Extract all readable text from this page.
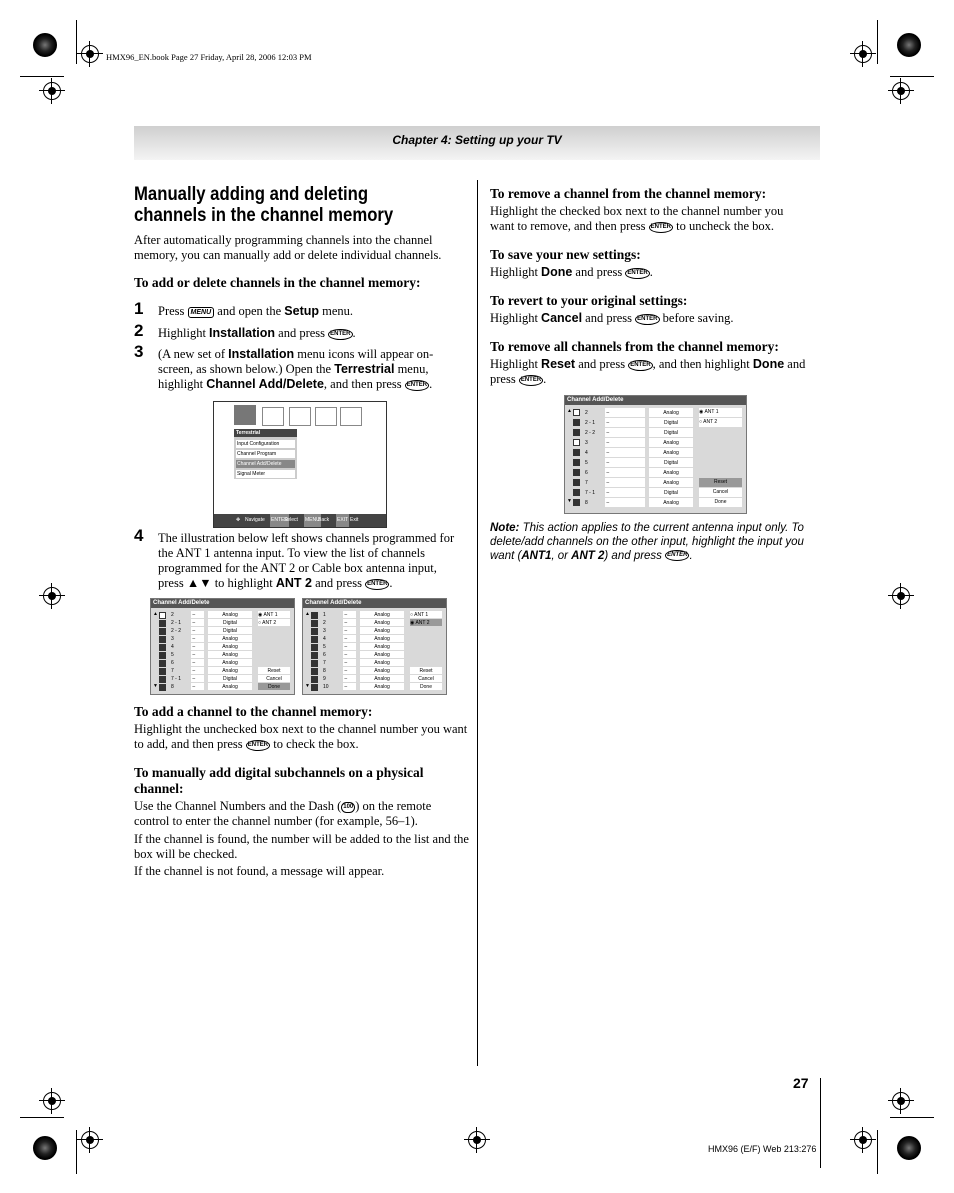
HMX96_EN.book Page 27 Friday, April 28, 2006 12:03 PM
Chapter 4: Setting up your TV
Manually adding and deleting channels in the channel memory
After automatically programming channels into the channel memory, you can manually add or delete individual channels.
To add or delete channels in the channel memory:
1 Press MENU and open the Setup menu.
2 Highlight Installation and press ENTER .
3 (A new set of Installation menu icons will appear on-screen, as shown below.) Open the Terrestrial menu, highlight Channel Add/Delete, and then press ENTER .
Terrestrial
Input Configuration
Channel Program
Channel Add/Delete
Signal Meter
✥ Navigate ENTER
Select MENU
Back EXIT Exit
4 The illustration below left shows channels programmed for the ANT 1 antenna input. To view the list of channels programmed for the ANT 2 or Cable box antenna input, press ▲▼ to highlight ANT 2 and press ENTER .
Channel Add/Delete
2	–	Analog
2 - 1 –	Digital
2 - 2 –	Digital
3	–	Analog
4	–	Analog
5	–	Analog
6	–	Analog
7	–	Analog
7 - 1 –	Digital
8	–	Analog
◉ ANT 1
○ ANT 2
Reset
Cancel
Done
▲
▼
Channel Add/Delete
1	–	Analog
2	–	Analog
3	–	Analog
4	–	Analog
5	–	Analog
6	–	Analog
7	–	Analog
8	–	Analog
9	–	Analog
10	–	Analog
○ ANT 1
◉ ANT 2
Reset
Cancel
Done
▲
▼
To add a channel to the channel memory:
Highlight the unchecked box next to the channel number you want to add, and then press ENTER to check the box.
To manually add digital subchannels on a physical channel:
Use the Channel Numbers and the Dash ( 100 ) on the remote control to enter the channel number (for example, 56–1).
If the channel is found, the number will be added to the list and the box will be checked.
If the channel is not found, a message will appear.
To remove a channel from the channel memory:
Highlight the checked box next to the channel number you want to remove, and then press ENTER to uncheck the box.
To save your new settings:
Highlight Done and press ENTER .
To revert to your original settings:
Highlight Cancel and press ENTER before saving.
To remove all channels from the channel memory:
Highlight Reset and press ENTER , and then highlight Done and press ENTER .
Channel Add/Delete
2	–	Analog
2 - 1 –	Digital
2 - 2 –	Digital
3	–	Analog
4	–	Analog
5	–	Digital
6	–	Analog
7	–	Analog
7 - 1 –	Digital
8	–	Analog
◉ ANT 1
○ ANT 2
Reset
Cancel
Done
▲
▼
Note: This action applies to the current antenna input only. To delete/add channels on the other input, highlight the input you want (ANT1, or ANT 2) and press ENTER .
27
HMX96 (E/F) Web 213:276
